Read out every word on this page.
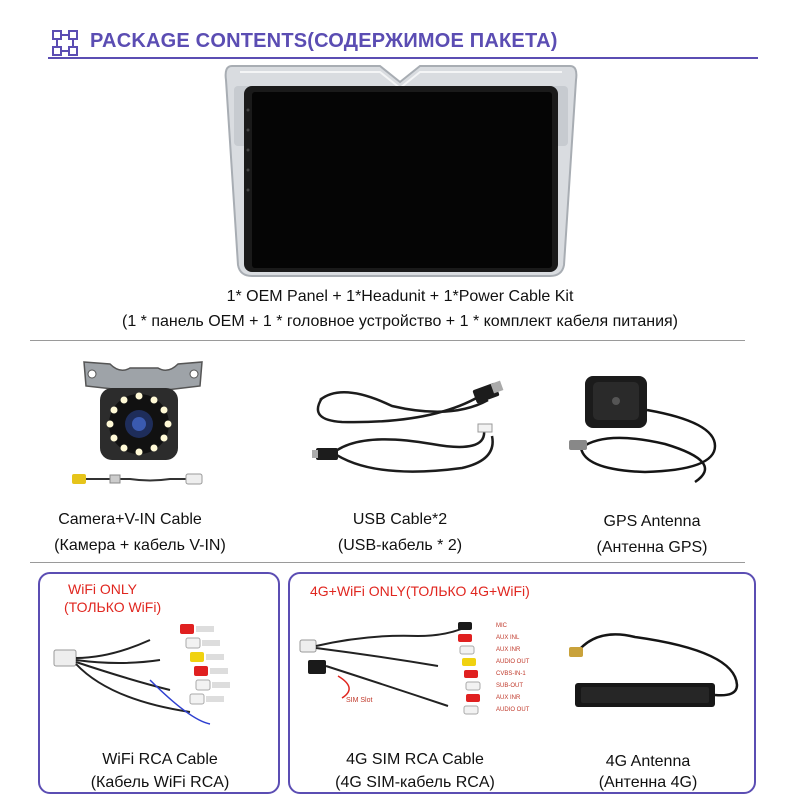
PACKAGE CONTENTS(СОДЕРЖИМОЕ ПАКЕТА)
1* OEM Panel + 1*Headunit + 1*Power Cable Kit
(1 * панель OEM + 1 * головное устройство + 1 * комплект кабеля питания)
Camera+V-IN Cable
(Камера + кабель V-IN)
USB Cable*2
(USB-кабель * 2)
GPS Antenna
(Антенна GPS)
WiFi ONLY
(ТОЛЬКО WiFi)
WiFi RCA Cable
(Кабель WiFi RCA)
4G+WiFi ONLY(ТОЛЬКО 4G+WiFi)
SIM Slot
MIC
AUX INL
AUX INR
AUDIO OUT
CVBS-IN-1
SUB-OUT
AUX INR
AUDIO OUT
4G SIM RCA Cable
(4G SIM-кабель RCA)
4G Antenna
(Антенна 4G)
